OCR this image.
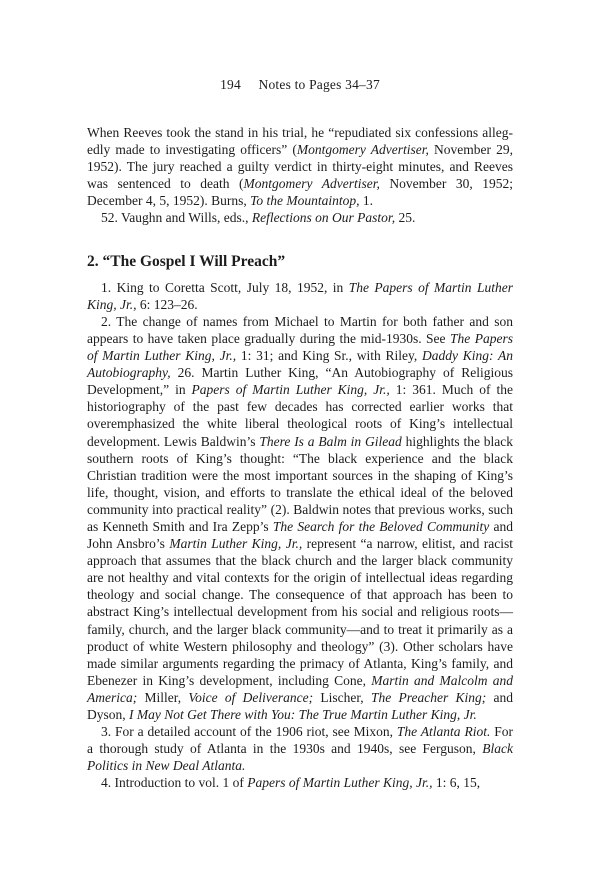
194 Notes to Pages 34–37

When Reeves took the stand in his trial, he “repudiated six confessions allegedly made to investigating officers” (Montgomery Advertiser, November 29, 1952). The jury reached a guilty verdict in thirty-eight minutes, and Reeves was sentenced to death (Montgomery Advertiser, November 30, 1952; December 4, 5, 1952). Burns, To the Mountaintop, 1.

52. Vaughn and Wills, eds., Reflections on Our Pastor, 25.

2. “The Gospel I Will Preach”

1. King to Coretta Scott, July 18, 1952, in The Papers of Martin Luther King, Jr., 6: 123–26.

2. The change of names from Michael to Martin for both father and son appears to have taken place gradually during the mid-1930s. See The Papers of Martin Luther King, Jr., 1: 31; and King Sr., with Riley, Daddy King: An Autobiography, 26. Martin Luther King, “An Autobiography of Religious Development,” in Papers of Martin Luther King, Jr., 1: 361. Much of the historiography of the past few decades has corrected earlier works that overemphasized the white liberal theological roots of King’s intellectual development. Lewis Baldwin’s There Is a Balm in Gilead highlights the black southern roots of King’s thought: “The black experience and the black Christian tradition were the most important sources in the shaping of King’s life, thought, vision, and efforts to translate the ethical ideal of the beloved community into practical reality” (2). Baldwin notes that previous works, such as Kenneth Smith and Ira Zepp’s The Search for the Beloved Community and John Ansbro’s Martin Luther King, Jr., represent “a narrow, elitist, and racist approach that assumes that the black church and the larger black community are not healthy and vital contexts for the origin of intellectual ideas regarding theology and social change. The consequence of that approach has been to abstract King’s intellectual development from his social and religious roots—family, church, and the larger black community—and to treat it primarily as a product of white Western philosophy and theology” (3). Other scholars have made similar arguments regarding the primacy of Atlanta, King’s family, and Ebenezer in King’s development, including Cone, Martin and Malcolm and America; Miller, Voice of Deliverance; Lischer, The Preacher King; and Dyson, I May Not Get There with You: The True Martin Luther King, Jr.

3. For a detailed account of the 1906 riot, see Mixon, The Atlanta Riot. For a thorough study of Atlanta in the 1930s and 1940s, see Ferguson, Black Politics in New Deal Atlanta.

4. Introduction to vol. 1 of Papers of Martin Luther King, Jr., 1: 6, 15,
